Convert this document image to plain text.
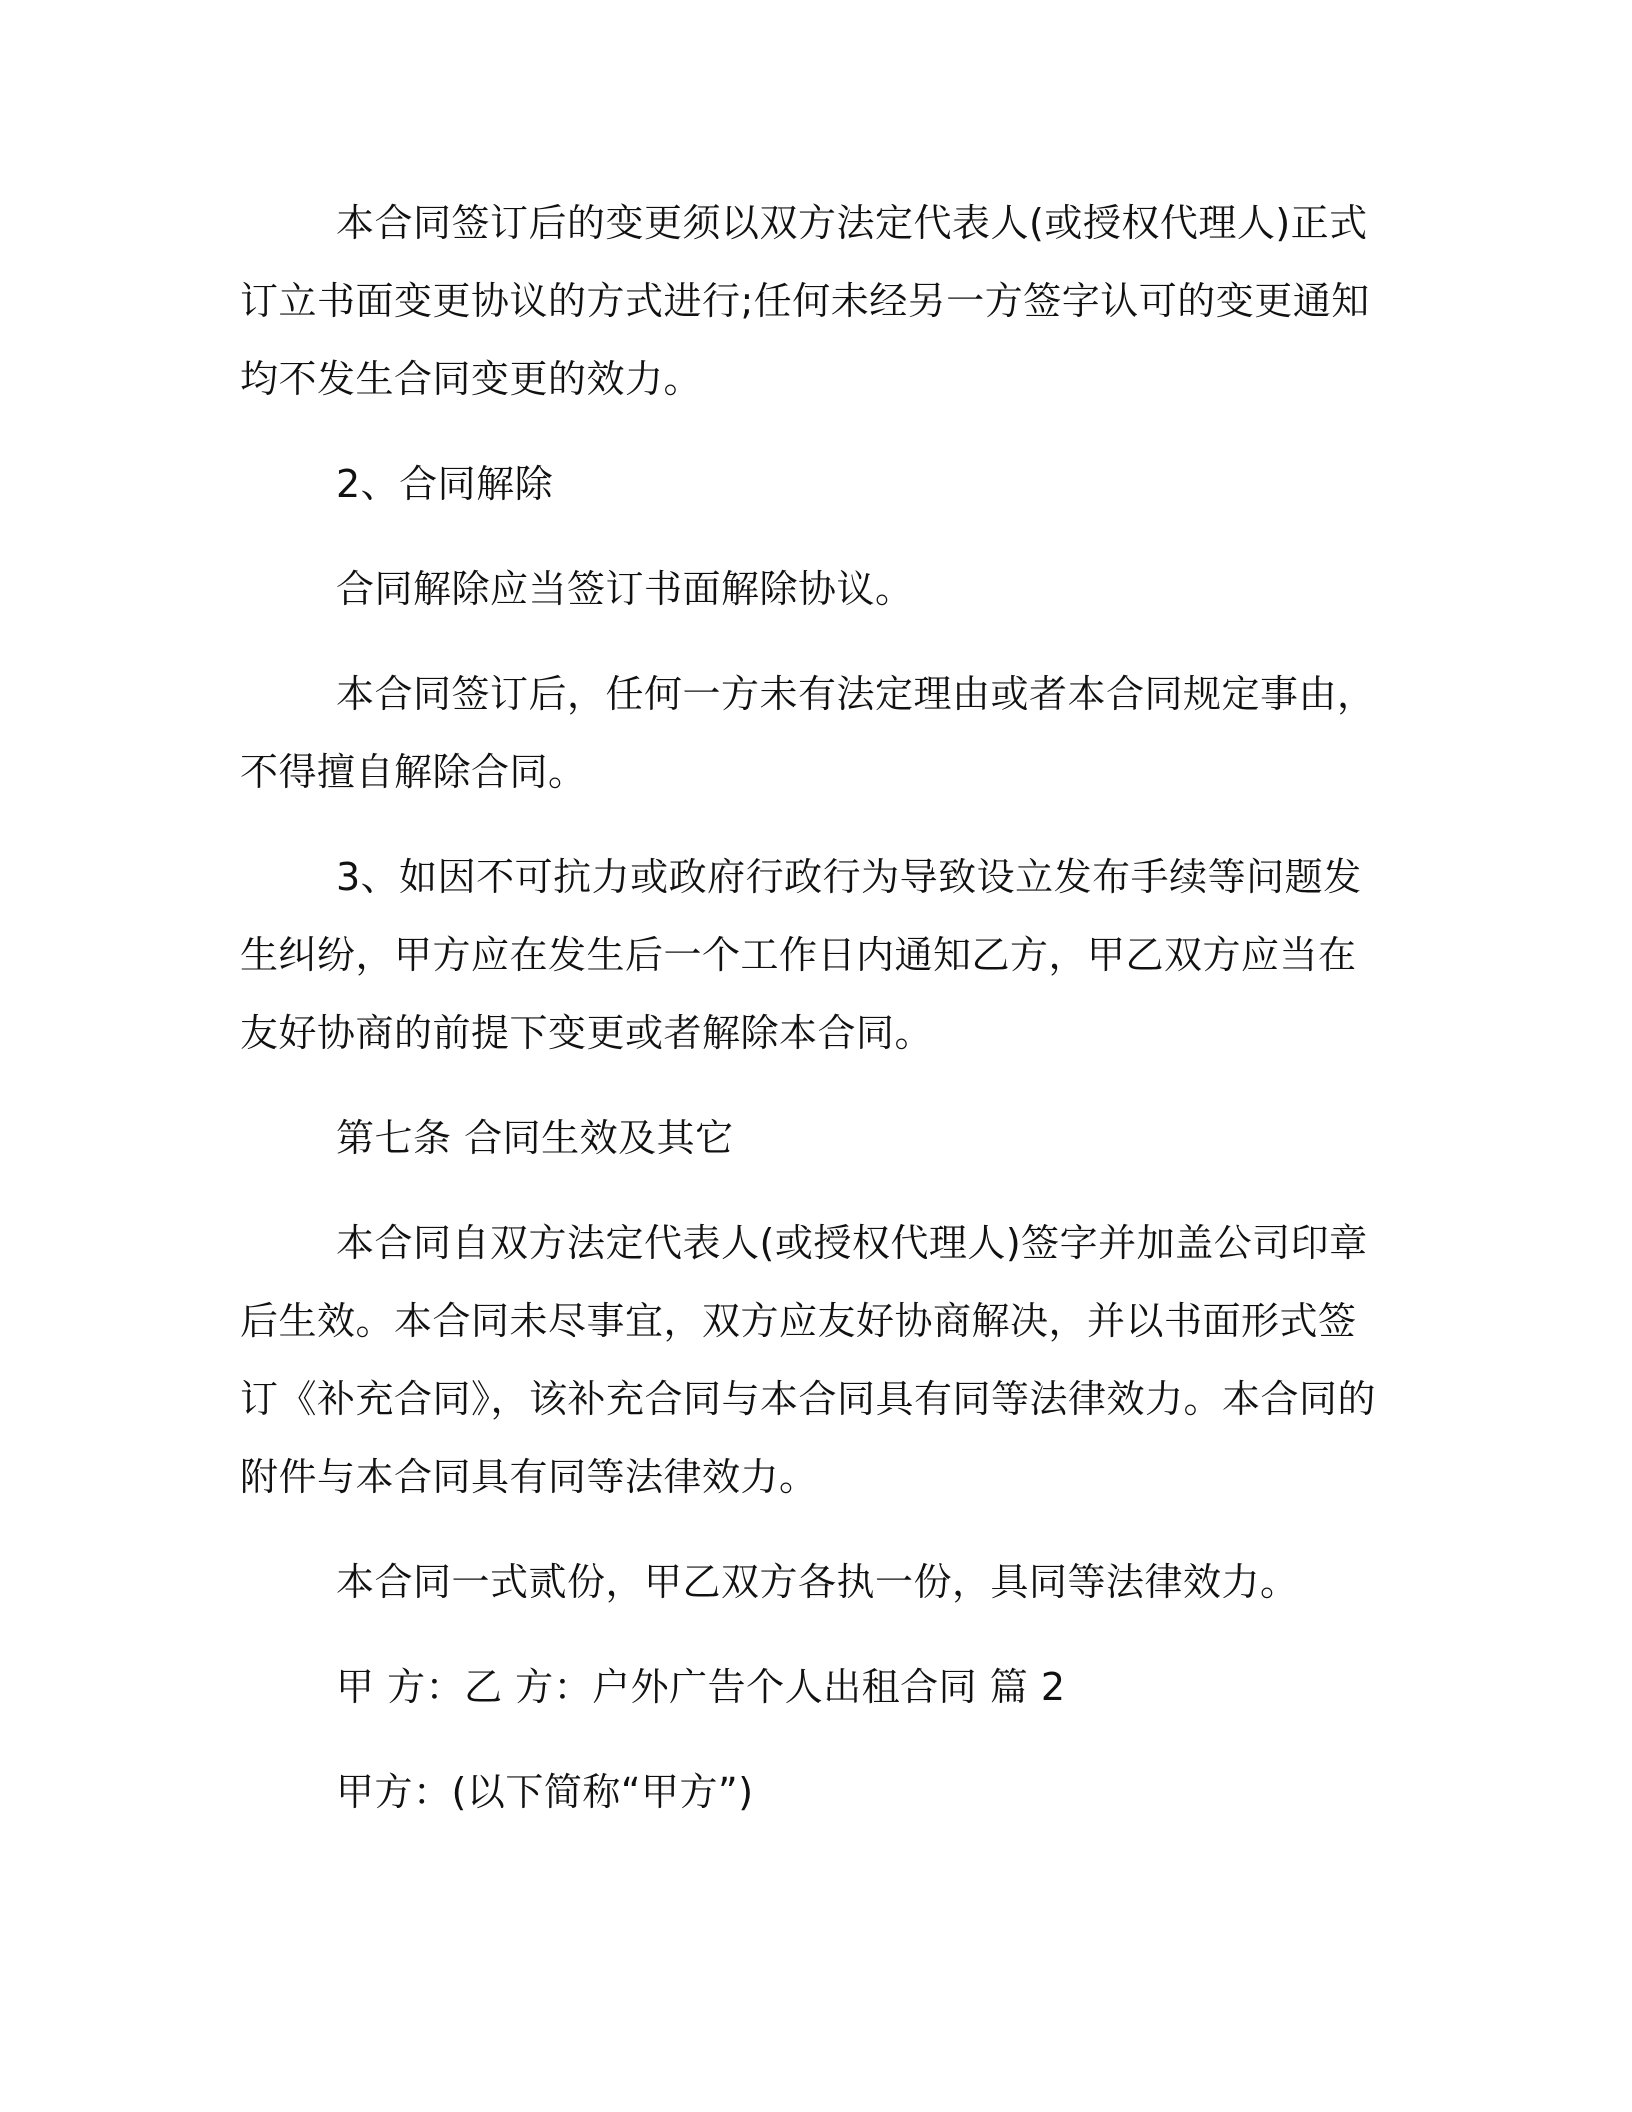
本合同签订后的变更须以双方法定代表人(或授权代理人)正式订立书面变更协议的方式进行;任何未经另一方签字认可的变更通知均不发生合同变更的效力。

2、合同解除

合同解除应当签订书面解除协议。

本合同签订后，任何一方未有法定理由或者本合同规定事由，不得擅自解除合同。

3、如因不可抗力或政府行政行为导致设立发布手续等问题发生纠纷，甲方应在发生后一个工作日内通知乙方，甲乙双方应当在友好协商的前提下变更或者解除本合同。

第七条 合同生效及其它

本合同自双方法定代表人(或授权代理人)签字并加盖公司印章后生效。本合同未尽事宜，双方应友好协商解决，并以书面形式签订《补充合同》，该补充合同与本合同具有同等法律效力。本合同的附件与本合同具有同等法律效力。

本合同一式贰份，甲乙双方各执一份，具同等法律效力。

甲 方：乙 方：户外广告个人出租合同 篇 2

甲方：(以下简称“甲方”)
